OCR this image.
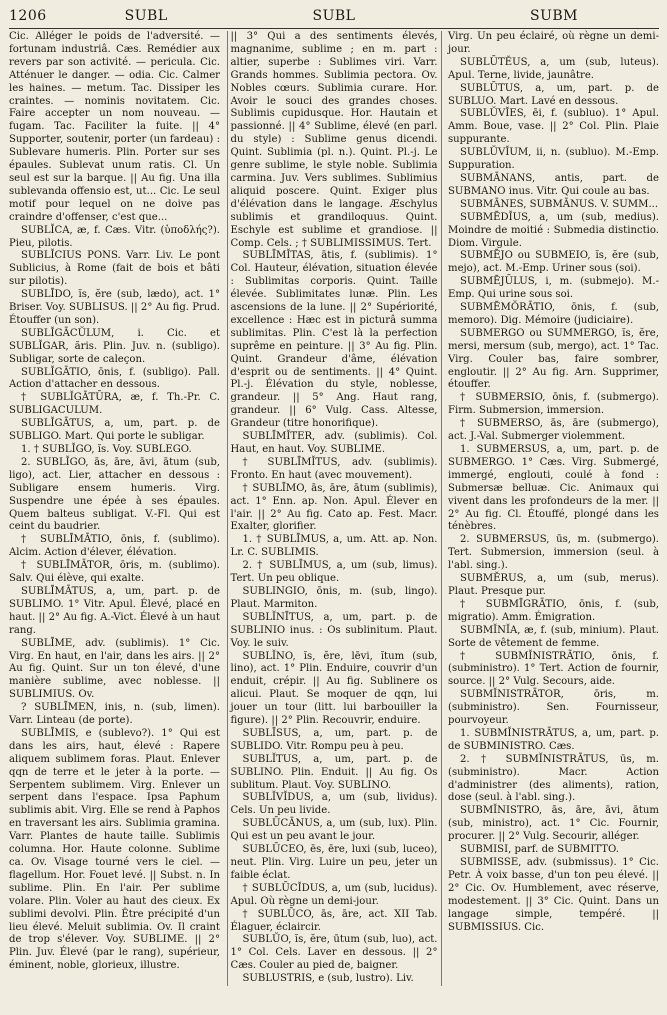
1206	SUBL	SUBL	SUBM

Cic. Alléger le poids de l'adversité. — fortunam industriâ. Cæs. Remédier aux revers par son activité. — pericula. Cic. Atténuer le danger. — odia. Cic. Calmer les haines. — metum. Tac. Dissiper les craintes. — nominis novitatem. Cic. Faire accepter un nom nouveau. — fugam. Tac. Faciliter la fuite. || 4° Supporter, soutenir, porter (un fardeau) : Sublevare humeris. Plin. Porter sur ses épaules. Sublevat unum ratis. Cl. Un seul est sur la barque. || Au fig. Una illa sublevanda offensio est, ut... Cic. Le seul motif pour lequel on ne doive pas craindre d'offenser, c'est que...

SUBLĬCA, æ, f. Cæs. Vitr. (ὑποδλής?). Pieu, pilotis.

SUBLĬCIUS PONS. Varr. Liv. Le pont Sublicius, à Rome (fait de bois et bâti sur pilotis).

SUBLĪDO, ĭs, ĕre (sub, lædo), act. 1° Briser. Voy. SUBLISUS. || 2° Au fig. Prud. Étouffer (un son).

SUBLĬGĀCŬLUM, i. Cic. et SUBLĬGAR, ăris. Plin. Juv. n. (subligo). Subligar, sorte de caleçon.

SUBLĬGĀTIO, ōnis, f. (subligo). Pall. Action d'attacher en dessous.

† SUBLĬGĀTŪRA, æ, f. Th.-Pr. C. SUBLIGACULUM.

SUBLĬGĀTUS, a, um, part. p. de SUBLIGO. Mart. Qui porte le subligar.

1. † SUBLĬGO, ĭs. Voy. SUBLEGO.

2. SUBLĬGO, ās, āre, āvi, ātum (sub, ligo), act. Lier, attacher en dessous : Subligare ensem humeris. Virg. Suspendre une épée à ses épaules. Quem balteus subligat. V.-Fl. Qui est ceint du baudrier.

† SUBLĪMĀTIO, ōnis, f. (sublimo). Alcim. Action d'élever, élévation.

† SUBLĪMĀTOR, ōris, m. (sublimo). Salv. Qui élève, qui exalte.

SUBLĪMĀTUS, a, um, part. p. de SUBLIMO. 1° Vitr. Apul. Élevé, placé en haut. || 2° Au fig. A.-Vict. Élevé à un haut rang.

SUBLĪME, adv. (sublimis). 1° Cic. Virg. En haut, en l'air, dans les airs. || 2° Au fig. Quint. Sur un ton élevé, d'une manière sublime, avec noblesse. || SUBLIMIUS. Ov.

? SUBLĪMEN, inis, n. (sub, limen). Varr. Linteau (de porte).

SUBLĪMIS, e (sublevo?). 1° Qui est dans les airs, haut, élevé : Rapere aliquem sublimem foras. Plaut. Enlever qqn de terre et le jeter à la porte. — Serpentem sublimem. Virg. Enlever un serpent dans l'espace. Ipsa Paphum sublimis abit. Virg. Elle se rend à Paphos en traversant les airs. Sublimia gramina. Varr. Plantes de haute taille. Sublimis columna. Hor. Haute colonne. Sublime ca. Ov. Visage tourné vers le ciel. — flagellum. Hor. Fouet levé. || Subst. n. In sublime. Plin. En l'air. Per sublime volare. Plin. Voler au haut des cieux. Ex sublimi devolvi. Plin. Être précipité d'un lieu élevé. Meluit sublimia. Ov. Il craint de trop s'élever. Voy. SUBLIME. || 2° Plin. Juv. Élevé (par le rang), supérieur, éminent, noble, glorieux, illustre.

|| 3° Qui a des sentiments élevés, magnanime, sublime ; en m. part : altier, superbe : Sublimes viri. Varr. Grands hommes. Sublimia pectora. Ov. Nobles cœurs. Sublimia curare. Hor. Avoir le souci des grandes choses. Sublimis cupidusque. Hor. Hautain et passionné. || 4° Sublime, élevé (en parl. du style) : Sublime genus dicendi. Quint. Sublimia (pl. n.). Quint. Pl.-j. Le genre sublime, le style noble. Sublimia carmina. Juv. Vers sublimes. Sublimius aliquid poscere. Quint. Exiger plus d'élévation dans le langage. Æschylus sublimis et grandiloquus. Quint. Eschyle est sublime et grandiose. || Comp. Cels. ; † SUBLIMISSIMUS. Tert.

SUBLĪMĬTAS, ātis, f. (sublimis). 1° Col. Hauteur, élévation, situation élevée : Sublimitas corporis. Quint. Taille élevée. Sublimitates lunæ. Plin. Les ascensions de la lune. || 2° Supériorité, excellence : Hæc est in picturâ summa sublimitas. Plin. C'est là la perfection suprême en peinture. || 3° Au fig. Plin. Quint. Grandeur d'âme, élévation d'esprit ou de sentiments. || 4° Quint. Pl.-j. Élévation du style, noblesse, grandeur. || 5° Ang. Haut rang, grandeur. || 6° Vulg. Cass. Altesse, Grandeur (titre honorifique).

SUBLĪMĬTER, adv. (sublimis). Col. Haut, en haut. Voy. SUBLIME.

† SUBLĪMĬTUS, adv. (sublimis). Fronto. En haut (avec mouvement).

† SUBLĪMO, ās, āre, ātum (sublimis), act. 1° Enn. ap. Non. Apul. Élever en l'air. || 2° Au fig. Cato ap. Fest. Macr. Exalter, glorifier.

1. † SUBLĪMUS, a, um. Att. ap. Non. Lr. C. SUBLIMIS.

2. † SUBLĪMUS, a, um (sub, limus). Tert. Un peu oblique.

SUBLINGIO, ōnis, m. (sub, lingo). Plaut. Marmiton.

SUBLĬNĪTUS, a, um, part. p. de SUBLINIO inus. : Os sublinitum. Plaut. Voy. le suiv.

SUBLĬNO, ĭs, ĕre, lēvi, ĭtum (sub, lino), act. 1° Plin. Enduire, couvrir d'un enduit, crépir. || Au fig. Sublinere os alicui. Plaut. Se moquer de qqn, lui jouer un tour (litt. lui barbouiller la figure). || 2° Plin. Recouvrir, enduire.

SUBLĪSUS, a, um, part. p. de SUBLIDO. Vitr. Rompu peu à peu.

SUBLĬTUS, a, um, part. p. de SUBLINO. Plin. Enduit. || Au fig. Os sublitum. Plaut. Voy. SUBLINO.

SUBLĬVĬDUS, a, um (sub, lividus). Cels. Un peu livide.

SUBLŪCĀNUS, a, um (sub, lux). Plin. Qui est un peu avant le jour.

SUBLŪCEO, ēs, ēre, luxi (sub, luceo), neut. Plin. Virg. Luire un peu, jeter un faible éclat.

† SUBLŪCĬDUS, a, um (sub, lucidus). Apul. Où règne un demi-jour.

† SUBLŪCO, ās, āre, act. XII Tab. Élaguer, éclaircir.

SUBLŬO, ĭs, ĕre, ūtum (sub, luo), act. 1° Col. Cels. Laver en dessous. || 2° Cæs. Couler au pied de, baigner.

SUBLUSTRIS, e (sub, lustro). Liv.

Virg. Un peu éclairé, où règne un demi-jour.

SUBLŪTĔUS, a, um (sub, luteus). Apul. Terne, livide, jaunâtre.

SUBLŪTUS, a, um, part. p. de SUBLUO. Mart. Lavé en dessous.

SUBLŬVĬES, ēi, f. (subluo). 1° Apul. Amm. Boue, vase. || 2° Col. Plin. Plaie suppurante.

SUBLŬVĬUM, ii, n. (subluo). M.-Emp. Suppuration.

SUBMĀNANS, antis, part. de SUBMANO inus. Vitr. Qui coule au bas.

SUBMĀNES, SUBMĀNUS. V. SUMM...

SUBMĒDĬUS, a, um (sub, medius). Moindre de moitié : Submedia distinctio. Diom. Virgule.

SUBMĒJO ou SUBMEIO, ĭs, ĕre (sub, mejo), act. M.-Emp. Uriner sous (soi).

SUBMĒJŪLUS, i, m. (submejo). M.-Emp. Qui urine sous soi.

SUBMĒMŎRĀTIO, ōnis, f. (sub, memoro). Dig. Mémoire (judiciaire).

SUBMERGO ou SUMMERGO, ĭs, ĕre, mersi, mersum (sub, mergo), act. 1° Tac. Virg. Couler bas, faire sombrer, engloutir. || 2° Au fig. Arn. Supprimer, étouffer.

† SUBMERSIO, ōnis, f. (submergo). Firm. Submersion, immersion.

† SUBMERSO, ās, āre (submergo), act. J.-Val. Submerger violemment.

1. SUBMERSUS, a, um, part. p. de SUBMERGO. 1° Cæs. Virg. Submergé, immergé, englouti, coulé à fond : Submersæ belluæ. Cic. Animaux qui vivent dans les profondeurs de la mer. || 2° Au fig. Cl. Étouffé, plongé dans les ténèbres.

2. SUBMERSUS, ūs, m. (submergo). Tert. Submersion, immersion (seul. à l'abl. sing.).

SUBMĔRUS, a, um (sub, merus). Plaut. Presque pur.

† SUBMĪGRĀTIO, ōnis, f. (sub, migratio). Amm. Émigration.

SUBMĬNĬA, æ, f. (sub, minium). Plaut. Sorte de vêtement de femme.

† SUBMĬNISTRĀTIO, ōnis, f. (subministro). 1° Tert. Action de fournir, source. || 2° Vulg. Secours, aide.

SUBMĬNISTRĀTOR, ōris, m. (subministro). Sen. Fournisseur, pourvoyeur.

1. SUBMĬNISTRĀTUS, a, um, part. p. de SUBMINISTRO. Cæs.

2. † SUBMĬNISTRĀTUS, ūs, m. (subministro). Macr. Action d'administrer (des aliments), ration, dose (seul. à l'abl. sing.).

SUBMĬNISTRO, ās, āre, āvi, ātum (sub, ministro), act. 1° Cic. Fournir, procurer. || 2° Vulg. Secourir, alléger.

SUBMISI, parf. de SUBMITTO.

SUBMISSE, adv. (submissus). 1° Cic. Petr. À voix basse, d'un ton peu élevé. || 2° Cic. Ov. Humblement, avec réserve, modestement. || 3° Cic. Quint. Dans un langage simple, tempéré. || SUBMISSIUS. Cic.
